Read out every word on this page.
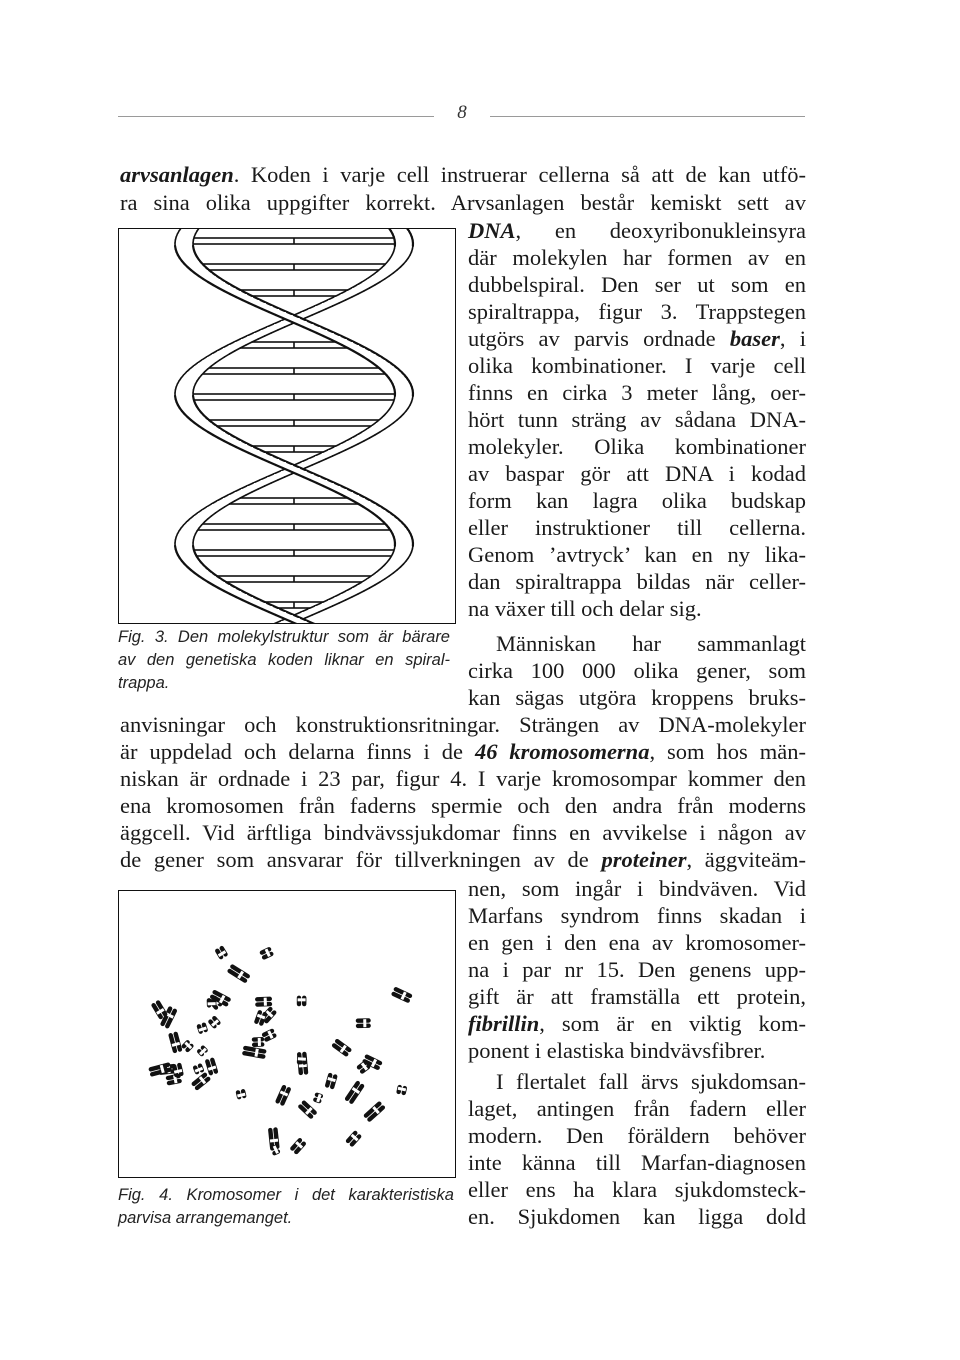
8
arvsanlagen. Koden i varje cell instruerar cellerna så att de kan utfö-
ra sina olika uppgifter korrekt. Arvsanlagen består kemiskt sett av
DNA, en deoxyribonukleinsyra
där molekylen har formen av en
dubbelspiral. Den ser ut som en
spiraltrappa, figur 3. Trappstegen
utgörs av parvis ordnade baser, i
olika kombinationer. I varje cell
finns en cirka 3 meter lång, oer-
hört tunn sträng av sådana DNA-
molekyler. Olika kombinationer
av baspar gör att DNA i kodad
form kan lagra olika budskap
eller instruktioner till cellerna.
Genom ’avtryck’ kan en ny lika-
dan spiraltrappa bildas när celler-
na växer till och delar sig.
Människan har sammanlagt
cirka 100 000 olika gener, som
kan sägas utgöra kroppens bruks-
anvisningar och konstruktionsritningar. Strängen av DNA-molekyler
är uppdelad och delarna finns i de 46 kromosomerna, som hos män-
niskan är ordnade i 23 par, figur 4. I varje kromosompar kommer den
ena kromosomen från faderns spermie och den andra från moderns
äggcell. Vid ärftliga bindvävssjukdomar finns en avvikelse i någon av
de gener som ansvarar för tillverkningen av de proteiner, äggviteäm-
nen, som ingår i bindväven. Vid
Marfans syndrom finns skadan i
en gen i den ena av kromosomer-
na i par nr 15. Den genens upp-
gift är att framställa ett protein,
fibrillin, som är en viktig kom-
ponent i elastiska bindvävsfibrer.
I flertalet fall ärvs sjukdomsan-
laget, antingen från fadern eller
modern. Den föräldern behöver
inte känna till Marfan-diagnosen
eller ens ha klara sjukdomsteck-
en. Sjukdomen kan ligga dold
Fig. 3. Den molekylstruktur som är bärare
av den genetiska koden liknar en spiral-
trappa.
Fig. 4. Kromosomer i det karakteristiska
parvisa arrangemanget.
